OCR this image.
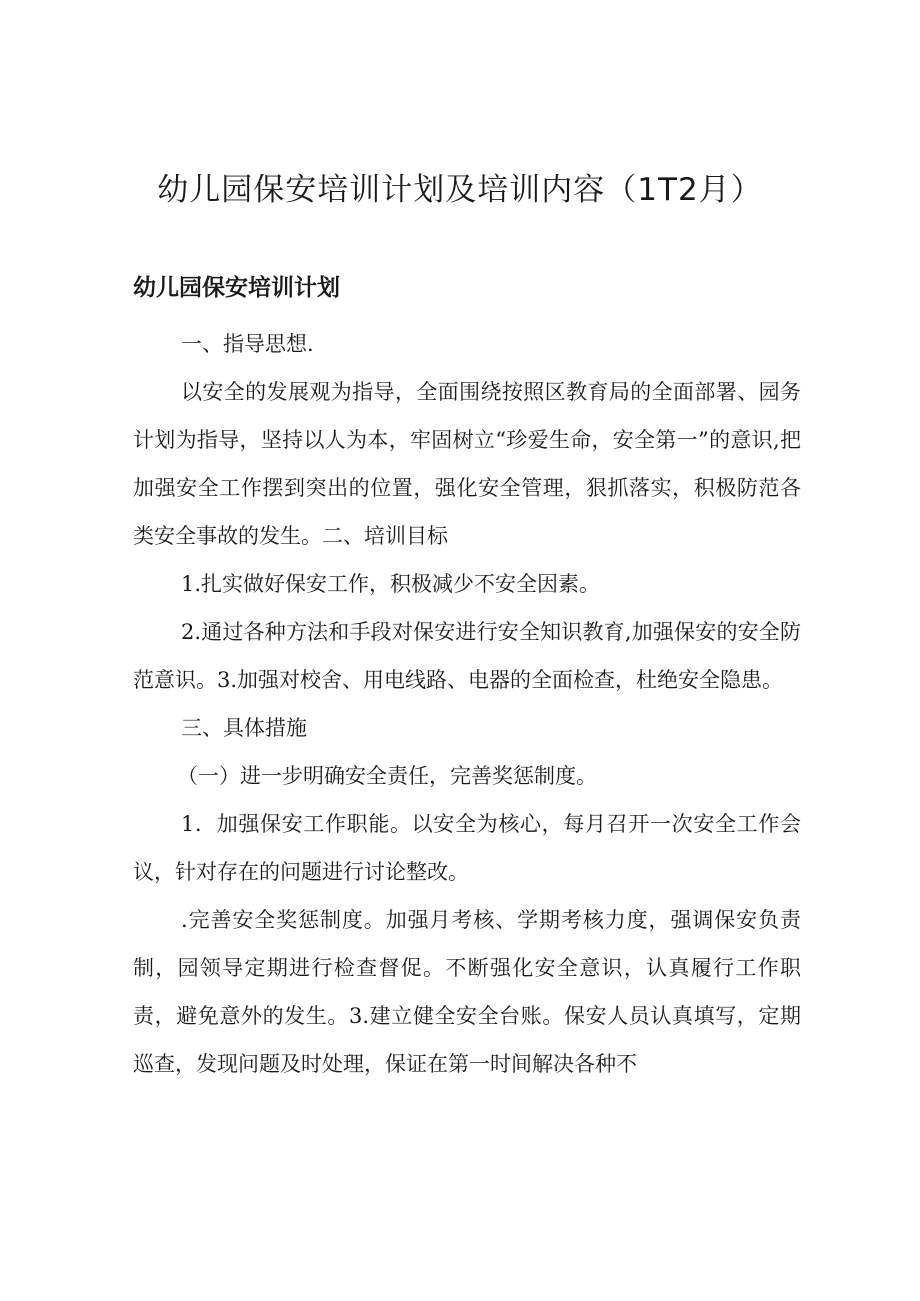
幼儿园保安培训计划及培训内容（1T2月）
幼儿园保安培训计划

一、指导思想.

以安全的发展观为指导，全面围绕按照区教育局的全面部署、园务计划为指导，坚持以人为本，牢固树立“珍爱生命，安全第一”的意识,把加强安全工作摆到突出的位置，强化安全管理，狠抓落实，积极防范各类安全事故的发生。二、培训目标

1.扎实做好保安工作，积极减少不安全因素。

2.通过各种方法和手段对保安进行安全知识教育,加强保安的安全防范意识。3.加强对校舍、用电线路、电器的全面检查，杜绝安全隐患。

三、具体措施

（一）进一步明确安全责任，完善奖惩制度。

1．加强保安工作职能。以安全为核心，每月召开一次安全工作会议，针对存在的问题进行讨论整改。

.完善安全奖惩制度。加强月考核、学期考核力度，强调保安负责制，园领导定期进行检查督促。不断强化安全意识，认真履行工作职责，避免意外的发生。3.建立健全安全台账。保安人员认真填写，定期巡查，发现问题及时处理，保证在第一时间解决各种不
